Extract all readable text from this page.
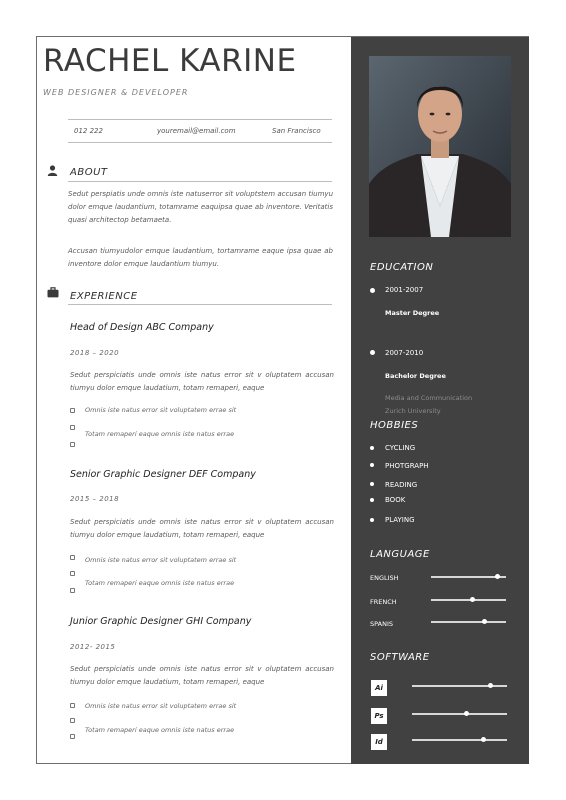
RACHEL KARINE
WEB DESIGNER & DEVELOPER
012 222	youremail@email.com	San Francisco
ABOUT
Sedut perspiatis unde omnis iste natuserror sit voluptstem accusan tiumyu dolor emque laudantium, totamrame eaquipsa quae ab inventore. Veritatis quasi architectop betamaeta.
Accusan tiumyudolor emque laudantium, tortamrame eaque ipsa quae ab inventore dolor emque laudantium tiumyu.
EXPERIENCE
Head of Design ABC Company
2018 – 2020
Sedut perspiciatis unde omnis iste natus error sit v oluptatem accusan tiumyu dolor emque laudatium, totam remaperi, eaque
Omnis iste natus error sit voluptatem errae sit
Totam remaperi eaque omnis iste natus errae
Senior Graphic Designer DEF Company
2015 – 2018
Sedut perspiciatis unde omnis iste natus error sit v oluptatem accusan tiumyu dolor emque laudatium, totam remaperi, eaque
Omnis iste natus error sit voluptatem errae sit
Totam remaperi eaque omnis iste natus errae
Junior Graphic Designer GHI Company
2012- 2015
Sedut perspiciatis unde omnis iste natus error sit v oluptatem accusan tiumyu dolor emque laudatium, totam remaperi, eaque
Omnis iste natus error sit voluptatem errae sit
Totam remaperi eaque omnis iste natus errae
EDUCATION
2001-2007
Master Degree
2007-2010
Bachelor Degree
Media and Communication
Zurich University
HOBBIES
CYCLING
PHOTGRAPH
READING
BOOK
PLAYING
LANGUAGE
ENGLISH
FRENCH
SPANIS
SOFTWARE
Ai
Ps
Id
